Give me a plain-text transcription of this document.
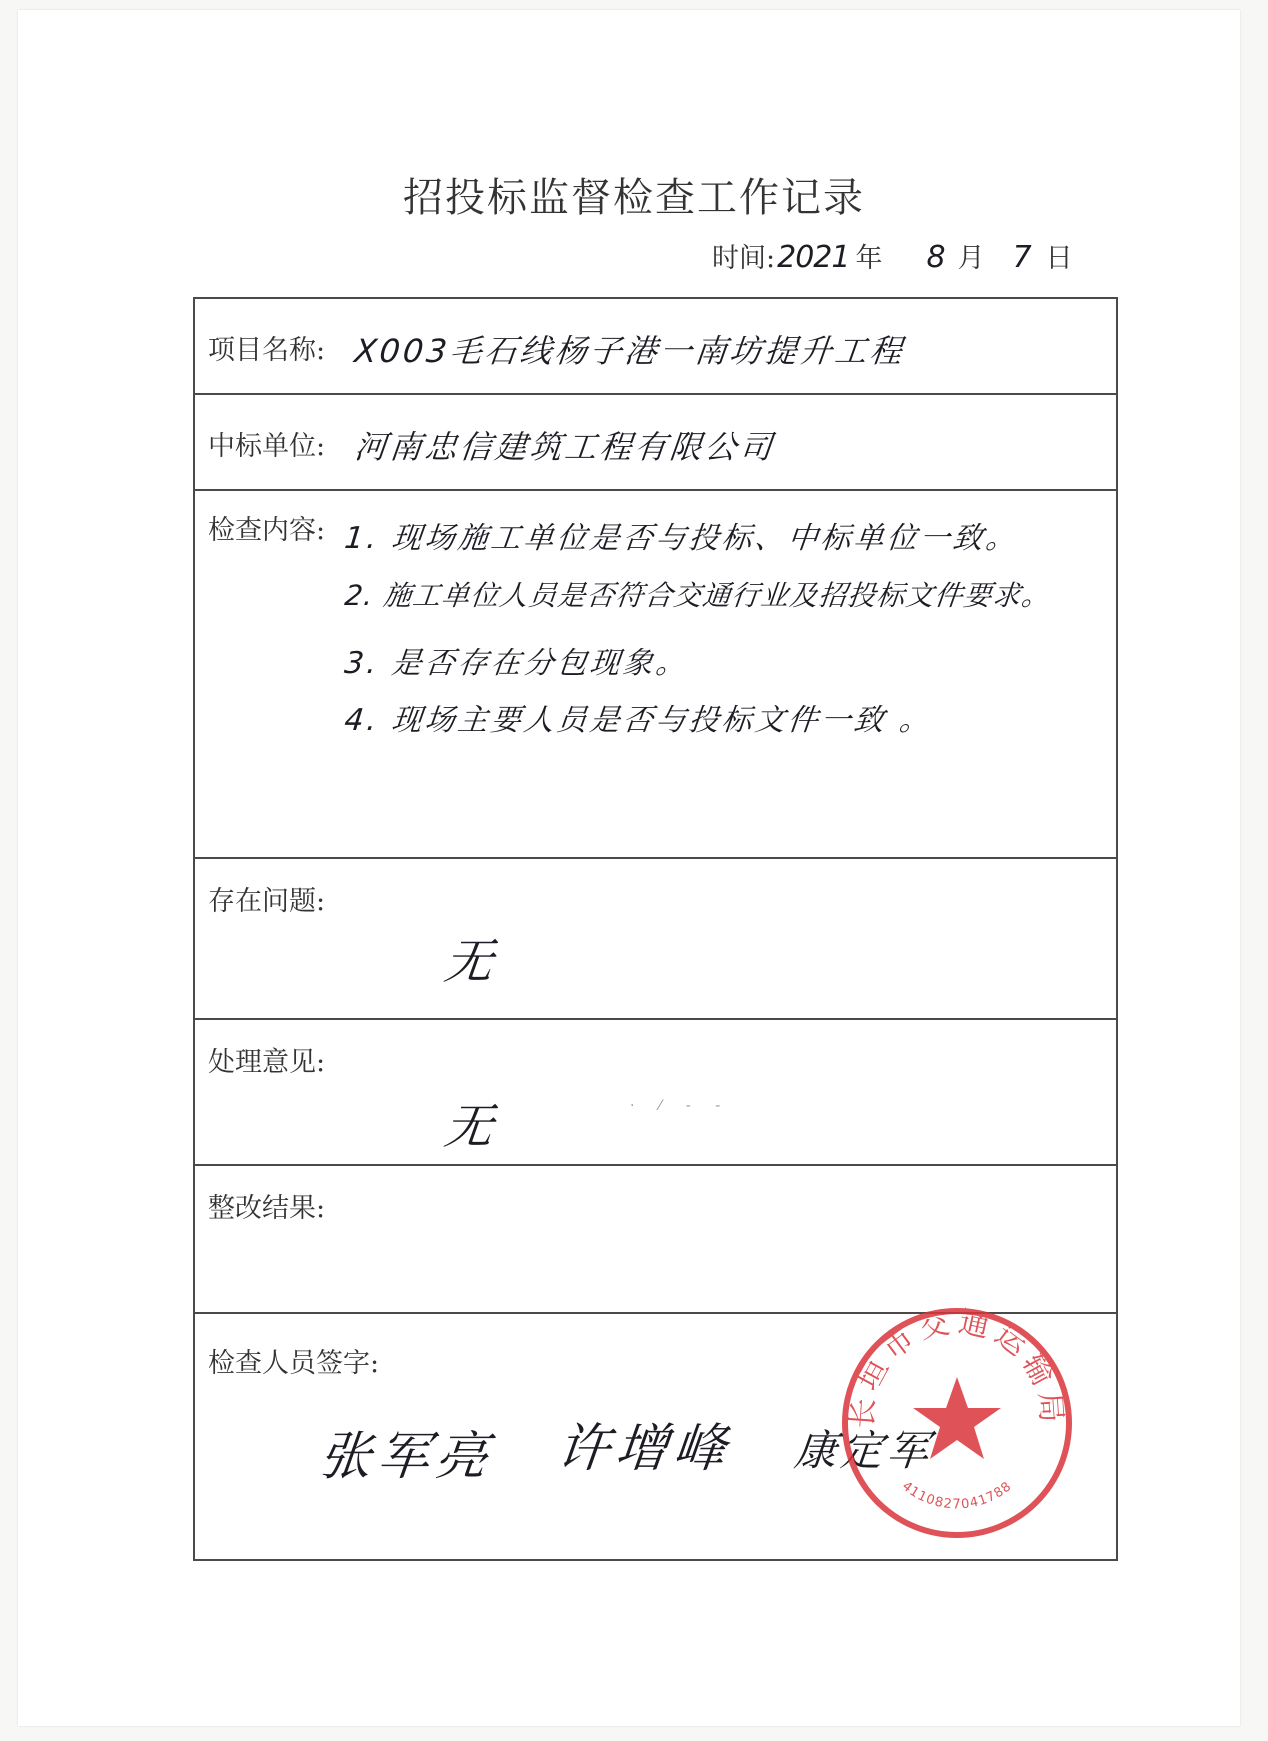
招投标监督检查工作记录
时间:2021 年 8 月 7 日
项目名称: X003毛石线杨子港一南坊提升工程

中标单位: 河南忠信建筑工程有限公司

检查内容: 1. 现场施工单位是否与投标、中标单位一致。
2. 施工单位人员是否符合交通行业及招投标文件要求。
3. 是否存在分包现象。
4. 现场主要人员是否与投标文件一致 。

存在问题:
无

处理意见:
无

整改结果:

检查人员签字:
张军亮 许增峰 康定军
· ⁄ ‐ ‑
长垣市交通运输局
4110827041788
